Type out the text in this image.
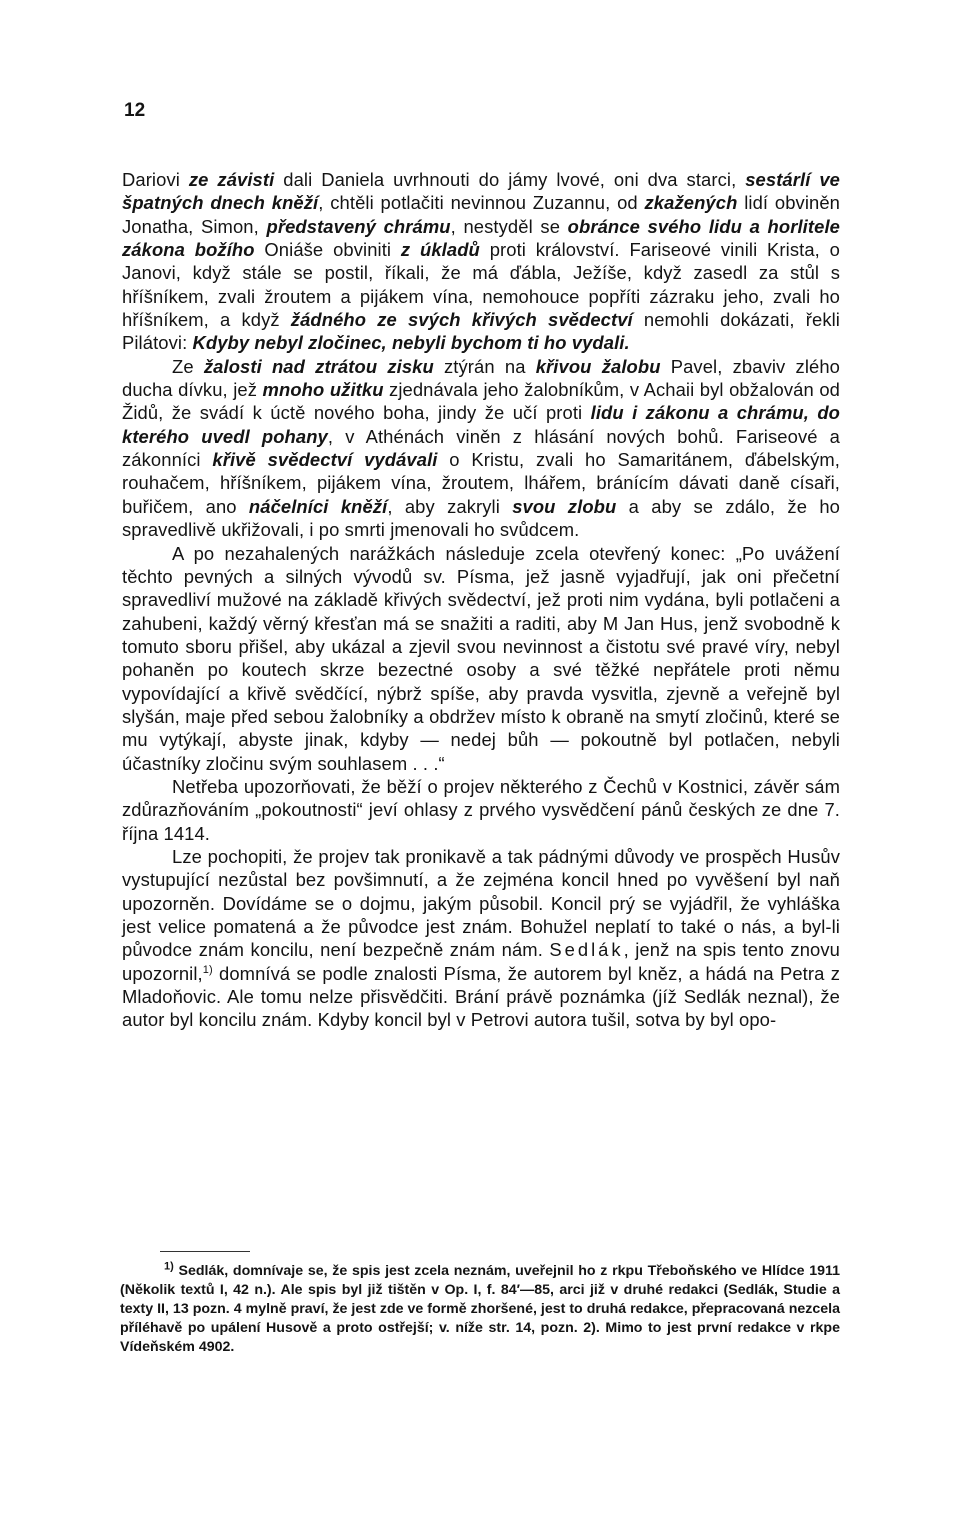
12

Dariovi ze závisti dali Daniela uvrhnouti do jámy lvové, oni dva starci, sestárlí ve špatných dnech kněží, chtěli potlačiti nevinnou Zuzannu, od zkažených lidí obviněn Jonatha, Simon, představený chrámu, nestyděl se obránce svého lidu a horlitele zákona božího Oniáše obviniti z úkladů proti království. Fariseové vinili Krista, o Janovi, když stále se postil, říkali, že má ďábla, Ježíše, když zasedl za stůl s hříšníkem, zvali žroutem a pijákem vína, nemohouce popříti zázraku jeho, zvali ho hříšníkem, a když žádného ze svých křivých svědectví nemohli dokázati, řekli Pilátovi: Kdyby nebyl zločinec, nebyli bychom ti ho vydali.

Ze žalosti nad ztrátou zisku ztýrán na křivou žalobu Pavel, zbaviv zlého ducha dívku, jež mnoho užitku zjednávala jeho žalobníkům, v Achaii byl obžalován od Židů, že svádí k úctě nového boha, jindy že učí proti lidu i zákonu a chrámu, do kterého uvedl pohany, v Athénách viněn z hlásání nových bohů. Fariseové a zákonníci křivě svědectví vydávali o Kristu, zvali ho Samaritánem, ďábelským, rouhačem, hříšníkem, pijákem vína, žroutem, lhářem, bránícím dávati daně císaři, buřičem, ano náčelníci kněží, aby zakryli svou zlobu a aby se zdálo, že ho spravedlivě ukřižovali, i po smrti jmenovali ho svůdcem.

A po nezahalených narážkách následuje zcela otevřený konec: „Po uvážení těchto pevných a silných vývodů sv. Písma, jež jasně vyjadřují, jak oni přečetní spravedliví mužové na základě křivých svědectví, jež proti nim vydána, byli potlačeni a zahubeni, každý věrný křesťan má se snažiti a raditi, aby M Jan Hus, jenž svobodně k tomuto sboru přišel, aby ukázal a zjevil svou nevinnost a čistotu své pravé víry, nebyl pohaněn po koutech skrze bezectné osoby a své těžké nepřátele proti němu vypovídající a křivě svědčící, nýbrž spíše, aby pravda vysvitla, zjevně a veřejně byl slyšán, maje před sebou žalobníky a obdržev místo k obraně na smytí zločinů, které se mu vytýkají, abyste jinak, kdyby — nedej bůh — pokoutně byl potlačen, nebyli účastníky zločinu svým souhlasem . . .“

Netřeba upozorňovati, že běží o projev některého z Čechů v Kostnici, závěr sám zdůrazňováním „pokoutnosti“ jeví ohlasy z prvého vysvědčení pánů českých ze dne 7. října 1414.

Lze pochopiti, že projev tak pronikavě a tak pádnými důvody ve prospěch Husův vystupující nezůstal bez povšimnutí, a že zejména koncil hned po vyvěšení byl naň upozorněn. Dovídáme se o dojmu, jakým působil. Koncil prý se vyjádřil, že vyhláška jest velice pomatená a že původce jest znám. Bohužel neplatí to také o nás, a byl-li původce znám koncilu, není bezpečně znám nám. Sedlák, jenž na spis tento znovu upozornil,$^{1)}$ domnívá se podle znalosti Písma, že autorem byl kněz, a hádá na Petra z Mladoňovic. Ale tomu nelze přisvědčiti. Brání právě poznámka (jíž Sedlák neznal), že autor byl koncilu znám. Kdyby koncil byl v Petrovi autora tušil, sotva by byl opo-

$^{1)}$ Sedlák, domnívaje se, že spis jest zcela neznám, uveřejnil ho z rkpu Třeboňského ve Hlídce 1911 (Několik textů I, 42 n.). Ale spis byl již tištěn v Op. I, f. 84′—85, arci již v druhé redakci (Sedlák, Studie a texty II, 13 pozn. 4 mylně praví, že jest zde ve formě zhoršené, jest to druhá redakce, přepracovaná nezcela příléhavě po upálení Husově a proto ostřejší; v. níže str. 14, pozn. 2). Mimo to jest první redakce v rkpe Vídeňském 4902.
